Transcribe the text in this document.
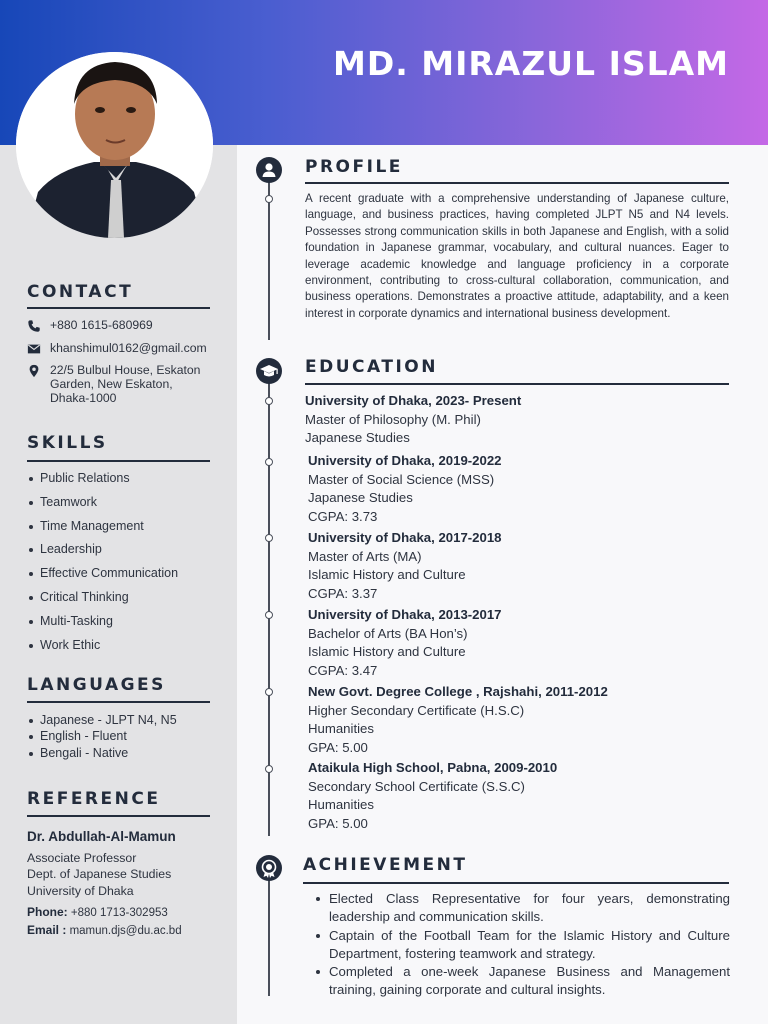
MD. MIRAZUL ISLAM
CONTACT
+880 1615-680969
khanshimul0162@gmail.com
22/5 Bulbul House, Eskaton Garden, New Eskaton, Dhaka-1000
SKILLS
Public Relations
Teamwork
Time Management
Leadership
Effective Communication
Critical Thinking
Multi-Tasking
Work Ethic
LANGUAGES
Japanese - JLPT N4, N5
English - Fluent
Bengali - Native
REFERENCE
Dr. Abdullah-Al-Mamun
Associate Professor
Dept. of Japanese Studies
University of Dhaka
Phone: +880 1713-302953
Email : mamun.djs@du.ac.bd
PROFILE
A recent graduate with a comprehensive understanding of Japanese culture, language, and business practices, having completed JLPT N5 and N4 levels. Possesses strong communication skills in both Japanese and English, with a solid foundation in Japanese grammar, vocabulary, and cultural nuances. Eager to leverage academic knowledge and language proficiency in a corporate environment, contributing to cross-cultural collaboration, communication, and business operations. Demonstrates a proactive attitude, adaptability, and a keen interest in corporate dynamics and international business development.
EDUCATION
University of Dhaka, 2023- Present
Master of Philosophy (M. Phil)
Japanese Studies
University of Dhaka, 2019-2022
Master of Social Science (MSS)
Japanese Studies
CGPA: 3.73
University of Dhaka, 2017-2018
Master of Arts (MA)
Islamic History and Culture
CGPA: 3.37
University of Dhaka, 2013-2017
Bachelor of Arts (BA Hon’s)
Islamic History and Culture
CGPA: 3.47
New Govt. Degree College , Rajshahi, 2011-2012
Higher Secondary Certificate (H.S.C)
Humanities
GPA: 5.00
Ataikula High School, Pabna, 2009-2010
Secondary School Certificate (S.S.C)
Humanities
GPA: 5.00
ACHIEVEMENT
Elected Class Representative for four years, demonstrating leadership and communication skills.
Captain of the Football Team for the Islamic History and Culture Department, fostering teamwork and strategy.
Completed a one-week Japanese Business and Management training, gaining corporate and cultural insights.
